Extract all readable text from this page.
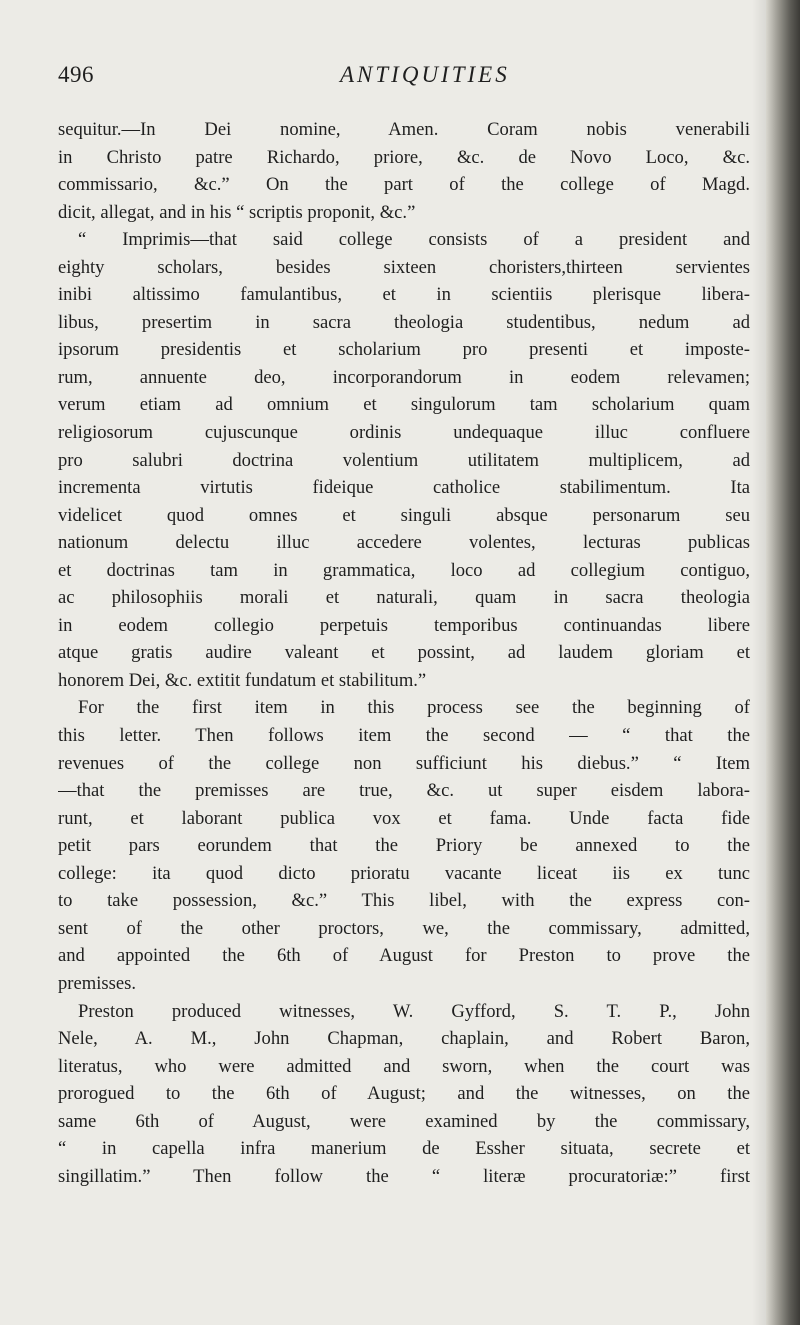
496	ANTIQUITIES
sequitur.—In Dei nomine, Amen. Coram nobis venerabili
in Christo patre Richardo, priore, &c. de Novo Loco, &c.
commissario, &c.” On the part of the college of Magd.
dicit, allegat, and in his “ scriptis proponit, &c.”
“ Imprimis—that said college consists of a president and
eighty scholars, besides sixteen choristers,thirteen servientes
inibi altissimo famulantibus, et in scientiis plerisque libera-
libus, presertim in sacra theologia studentibus, nedum ad
ipsorum presidentis et scholarium pro presenti et imposte-
rum, annuente deo, incorporandorum in eodem relevamen;
verum etiam ad omnium et singulorum tam scholarium quam
religiosorum cujuscunque ordinis undequaque illuc confluere
pro salubri doctrina volentium utilitatem multiplicem, ad
incrementa virtutis fideique catholice stabilimentum. Ita
videlicet quod omnes et singuli absque personarum seu
nationum delectu illuc accedere volentes, lecturas publicas
et doctrinas tam in grammatica, loco ad collegium contiguo,
ac philosophiis morali et naturali, quam in sacra theologia
in eodem collegio perpetuis temporibus continuandas libere
atque gratis audire valeant et possint, ad laudem gloriam et
honorem Dei, &c. extitit fundatum et stabilitum.”
For the first item in this process see the beginning of
this letter. Then follows item the second — “ that the
revenues of the college non sufficiunt his diebus.” “ Item
—that the premisses are true, &c. ut super eisdem labora-
runt, et laborant publica vox et fama. Unde facta fide
petit pars eorundem that the Priory be annexed to the
college: ita quod dicto prioratu vacante liceat iis ex tunc
to take possession, &c.” This libel, with the express con-
sent of the other proctors, we, the commissary, admitted,
and appointed the 6th of August for Preston to prove the
premisses.
Preston produced witnesses, W. Gyfford, S. T. P., John
Nele, A. M., John Chapman, chaplain, and Robert Baron,
literatus, who were admitted and sworn, when the court was
prorogued to the 6th of August; and the witnesses, on the
same 6th of August, were examined by the commissary,
“ in capella infra manerium de Essher situata, secrete et
singillatim.” Then follow the “ literæ procuratoriæ:” first
